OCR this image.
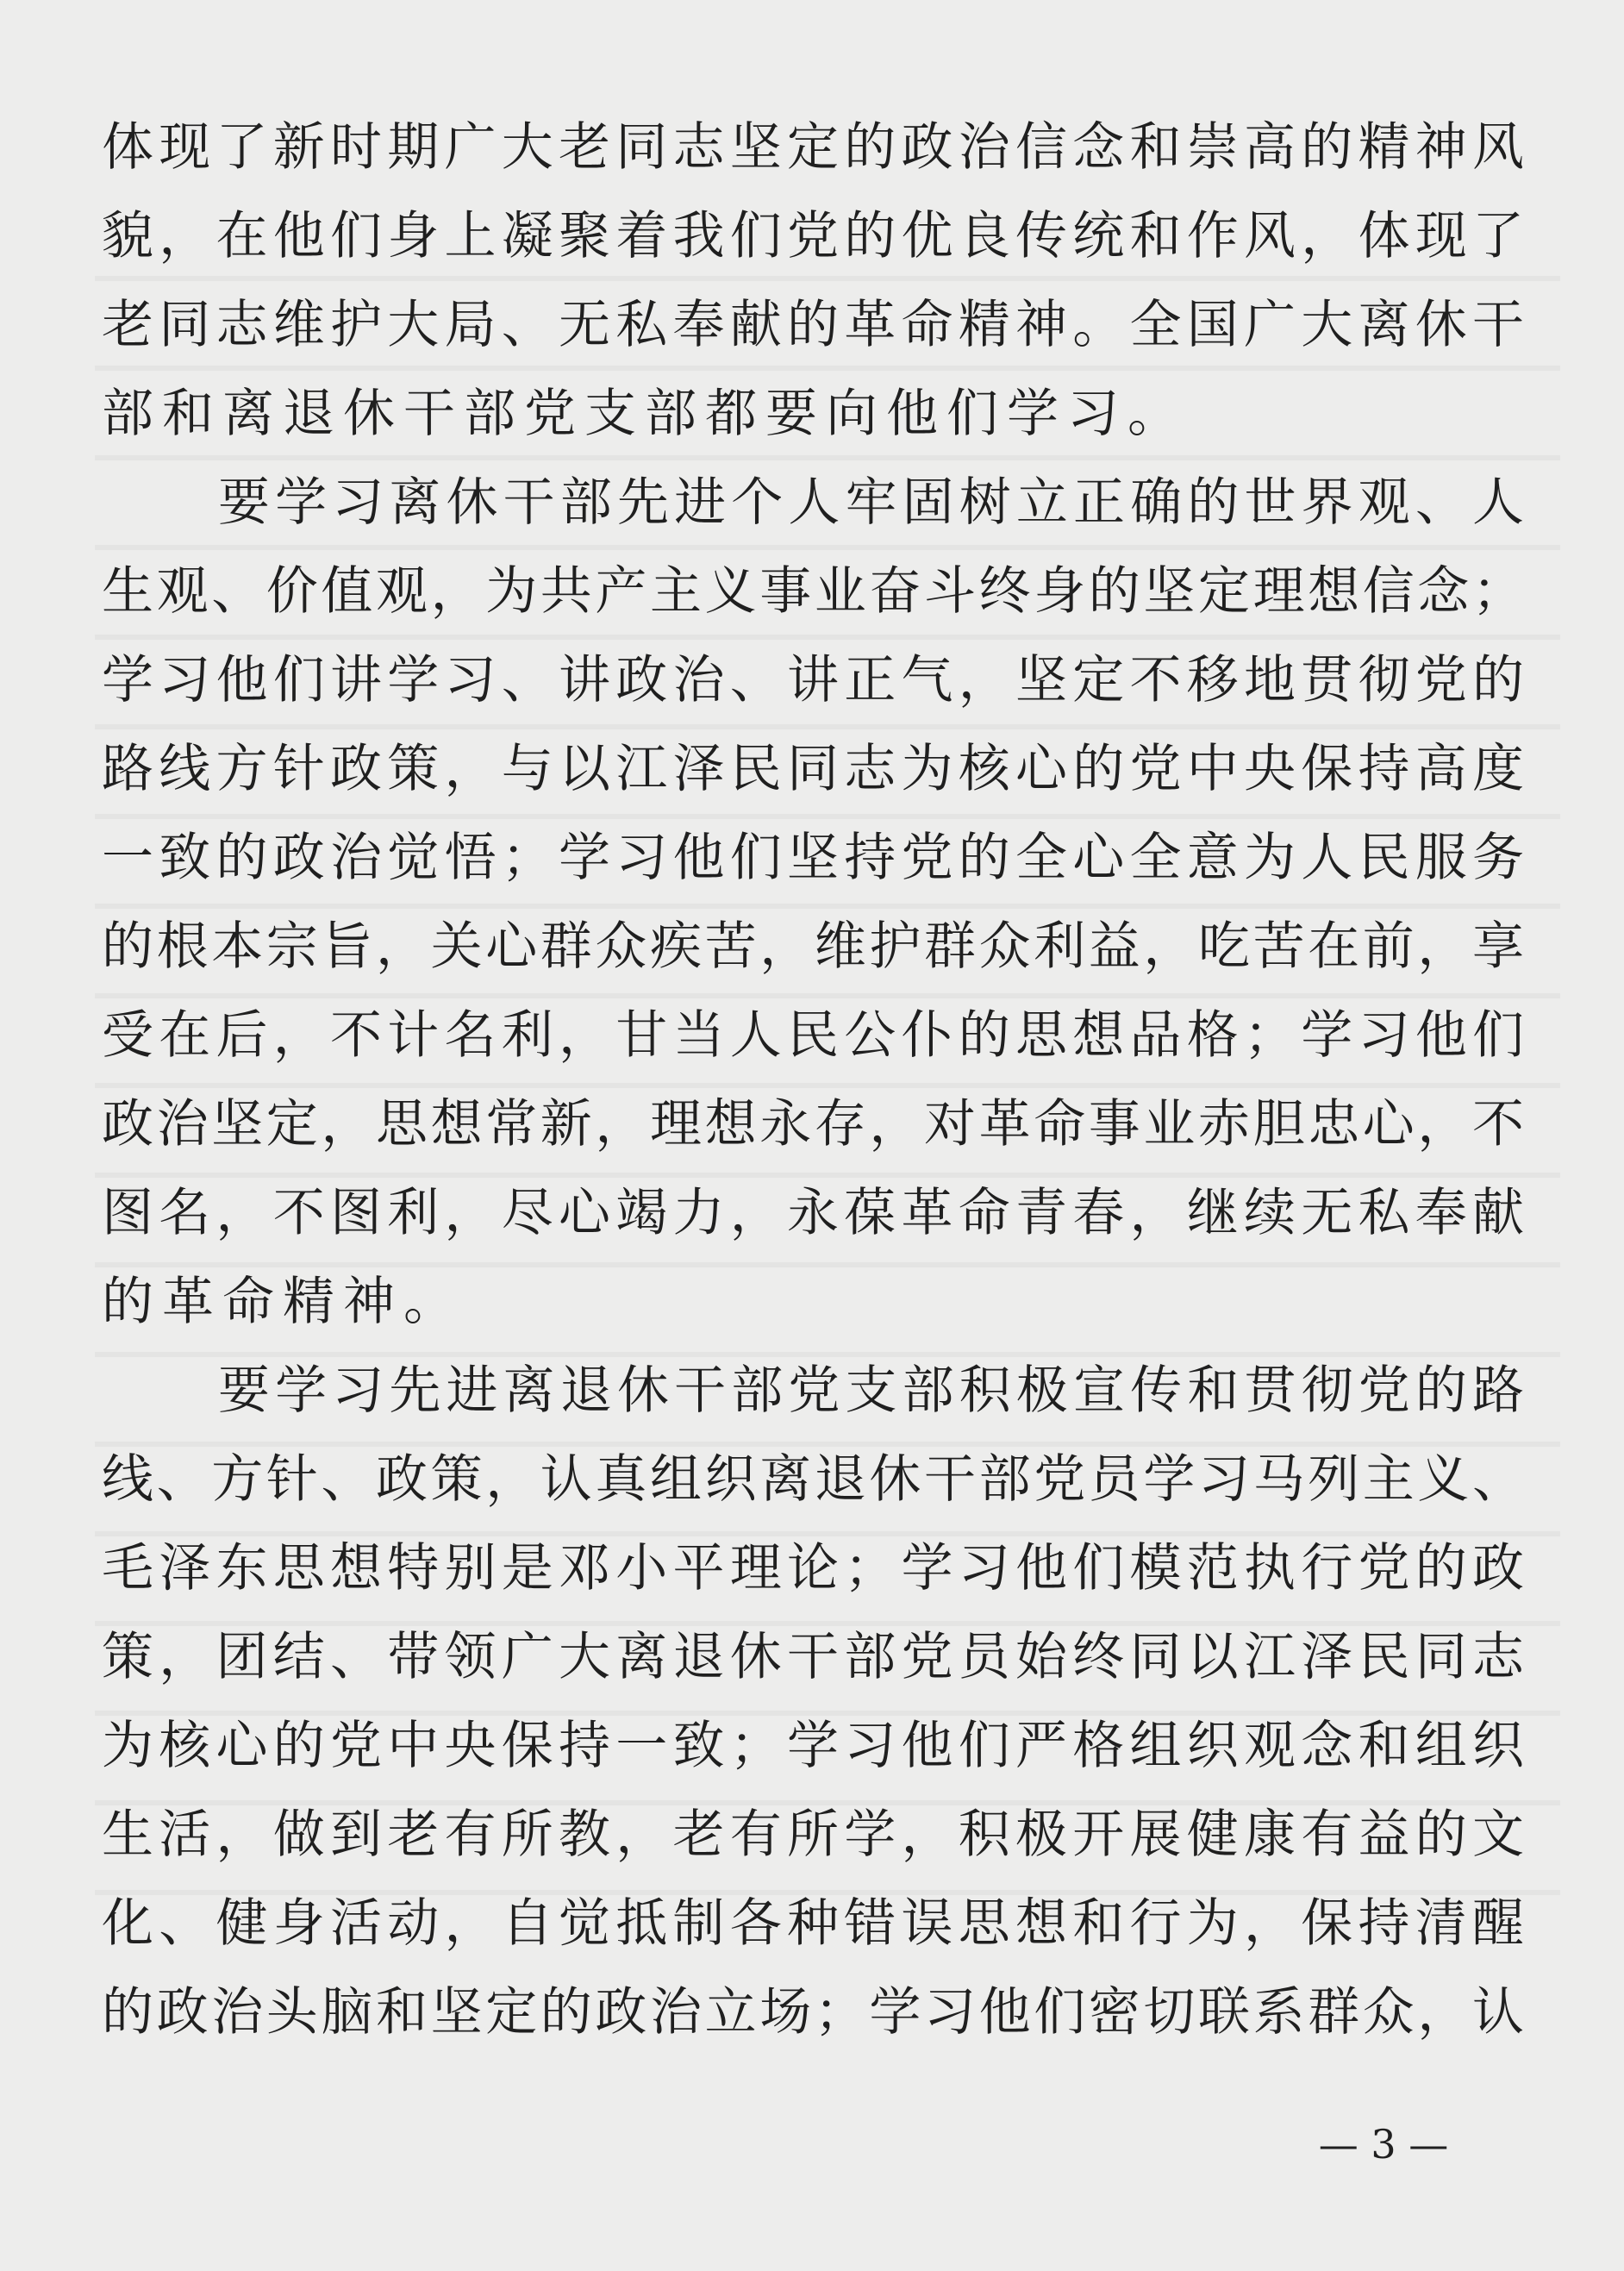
体现了新时期广大老同志坚定的政治信念和崇高的精神风
貌，在他们身上凝聚着我们党的优良传统和作风，体现了
老同志维护大局、无私奉献的革命精神。全国广大离休干
部和离退休干部党支部都要向他们学习。
要学习离休干部先进个人牢固树立正确的世界观、人
生观、价值观，为共产主义事业奋斗终身的坚定理想信念；
学习他们讲学习、讲政治、讲正气，坚定不移地贯彻党的
路线方针政策，与以江泽民同志为核心的党中央保持高度
一致的政治觉悟；学习他们坚持党的全心全意为人民服务
的根本宗旨，关心群众疾苦，维护群众利益，吃苦在前，享
受在后，不计名利，甘当人民公仆的思想品格；学习他们
政治坚定，思想常新，理想永存，对革命事业赤胆忠心，不
图名，不图利，尽心竭力，永葆革命青春，继续无私奉献
的革命精神。
要学习先进离退休干部党支部积极宣传和贯彻党的路
线、方针、政策，认真组织离退休干部党员学习马列主义、
毛泽东思想特别是邓小平理论；学习他们模范执行党的政
策，团结、带领广大离退休干部党员始终同以江泽民同志
为核心的党中央保持一致；学习他们严格组织观念和组织
生活，做到老有所教，老有所学，积极开展健康有益的文
化、健身活动，自觉抵制各种错误思想和行为，保持清醒
的政治头脑和坚定的政治立场；学习他们密切联系群众，认
— 3 —
